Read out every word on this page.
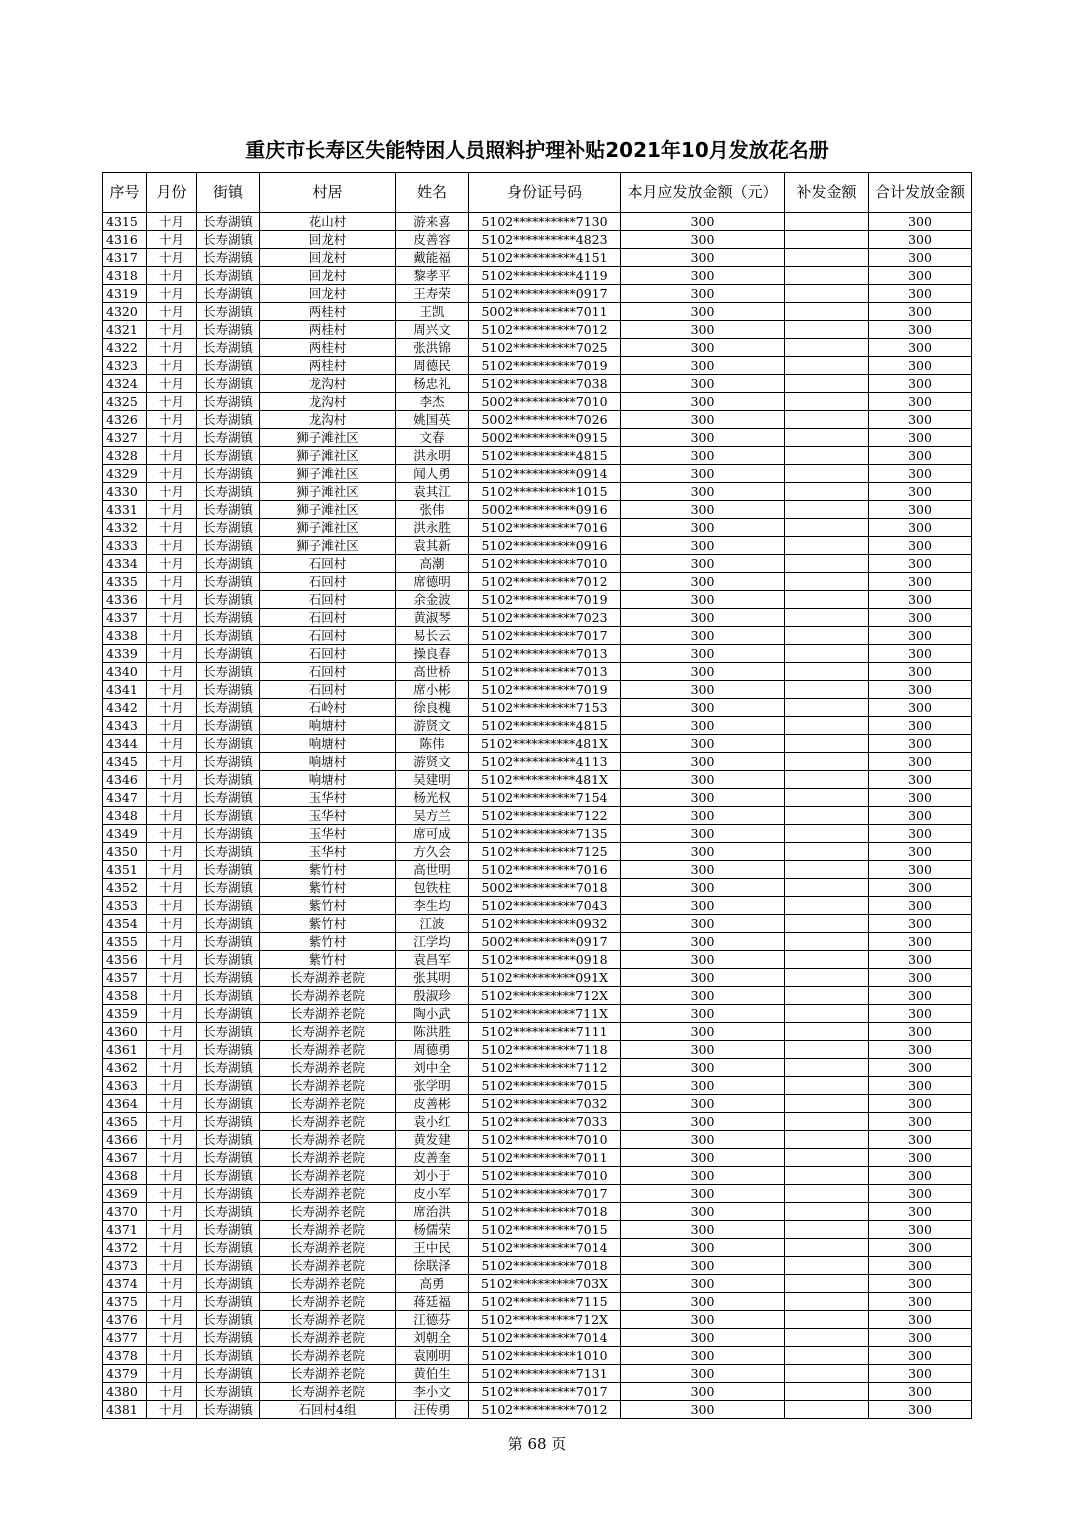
重庆市长寿区失能特困人员照料护理补贴2021年10月发放花名册
序号	月份	街镇	村居	姓名	身份证号码	本月应发放金额（元）	补发金额	合计发放金额
4315	十月	长寿湖镇	花山村	游来喜	5102**********7130	300		300
4316	十月	长寿湖镇	回龙村	皮善容	5102**********4823	300		300
4317	十月	长寿湖镇	回龙村	戴能福	5102**********4151	300		300
4318	十月	长寿湖镇	回龙村	黎孝平	5102**********4119	300		300
4319	十月	长寿湖镇	回龙村	王寿荣	5102**********0917	300		300
4320	十月	长寿湖镇	两桂村	王凯	5002**********7011	300		300
4321	十月	长寿湖镇	两桂村	周兴文	5102**********7012	300		300
4322	十月	长寿湖镇	两桂村	张洪锦	5102**********7025	300		300
4323	十月	长寿湖镇	两桂村	周德民	5102**********7019	300		300
4324	十月	长寿湖镇	龙沟村	杨忠礼	5102**********7038	300		300
4325	十月	长寿湖镇	龙沟村	李杰	5002**********7010	300		300
4326	十月	长寿湖镇	龙沟村	姚国英	5002**********7026	300		300
4327	十月	长寿湖镇	狮子滩社区	文春	5002**********0915	300		300
4328	十月	长寿湖镇	狮子滩社区	洪永明	5102**********4815	300		300
4329	十月	长寿湖镇	狮子滩社区	闻人勇	5102**********0914	300		300
4330	十月	长寿湖镇	狮子滩社区	袁其江	5102**********1015	300		300
4331	十月	长寿湖镇	狮子滩社区	张伟	5002**********0916	300		300
4332	十月	长寿湖镇	狮子滩社区	洪永胜	5102**********7016	300		300
4333	十月	长寿湖镇	狮子滩社区	袁其新	5102**********0916	300		300
4334	十月	长寿湖镇	石回村	高潮	5102**********7010	300		300
4335	十月	长寿湖镇	石回村	席德明	5102**********7012	300		300
4336	十月	长寿湖镇	石回村	余金波	5102**********7019	300		300
4337	十月	长寿湖镇	石回村	黄淑琴	5102**********7023	300		300
4338	十月	长寿湖镇	石回村	易长云	5102**********7017	300		300
4339	十月	长寿湖镇	石回村	操良春	5102**********7013	300		300
4340	十月	长寿湖镇	石回村	高世桥	5102**********7013	300		300
4341	十月	长寿湖镇	石回村	席小彬	5102**********7019	300		300
4342	十月	长寿湖镇	石岭村	徐良槐	5102**********7153	300		300
4343	十月	长寿湖镇	响塘村	游贤文	5102**********4815	300		300
4344	十月	长寿湖镇	响塘村	陈伟	5102**********481X	300		300
4345	十月	长寿湖镇	响塘村	游贤文	5102**********4113	300		300
4346	十月	长寿湖镇	响塘村	吴建明	5102**********481X	300		300
4347	十月	长寿湖镇	玉华村	杨光权	5102**********7154	300		300
4348	十月	长寿湖镇	玉华村	吴方兰	5102**********7122	300		300
4349	十月	长寿湖镇	玉华村	席可成	5102**********7135	300		300
4350	十月	长寿湖镇	玉华村	方久会	5102**********7125	300		300
4351	十月	长寿湖镇	紫竹村	高世明	5102**********7016	300		300
4352	十月	长寿湖镇	紫竹村	包铁柱	5002**********7018	300		300
4353	十月	长寿湖镇	紫竹村	李生均	5102**********7043	300		300
4354	十月	长寿湖镇	紫竹村	江波	5102**********0932	300		300
4355	十月	长寿湖镇	紫竹村	江学均	5002**********0917	300		300
4356	十月	长寿湖镇	紫竹村	袁昌军	5102**********0918	300		300
4357	十月	长寿湖镇	长寿湖养老院	张其明	5102**********091X	300		300
4358	十月	长寿湖镇	长寿湖养老院	殷淑珍	5102**********712X	300		300
4359	十月	长寿湖镇	长寿湖养老院	陶小武	5102**********711X	300		300
4360	十月	长寿湖镇	长寿湖养老院	陈洪胜	5102**********7111	300		300
4361	十月	长寿湖镇	长寿湖养老院	周德勇	5102**********7118	300		300
4362	十月	长寿湖镇	长寿湖养老院	刘中全	5102**********7112	300		300
4363	十月	长寿湖镇	长寿湖养老院	张学明	5102**********7015	300		300
4364	十月	长寿湖镇	长寿湖养老院	皮善彬	5102**********7032	300		300
4365	十月	长寿湖镇	长寿湖养老院	袁小红	5102**********7033	300		300
4366	十月	长寿湖镇	长寿湖养老院	黄发建	5102**********7010	300		300
4367	十月	长寿湖镇	长寿湖养老院	皮善奎	5102**********7011	300		300
4368	十月	长寿湖镇	长寿湖养老院	刘小于	5102**********7010	300		300
4369	十月	长寿湖镇	长寿湖养老院	皮小军	5102**********7017	300		300
4370	十月	长寿湖镇	长寿湖养老院	席治洪	5102**********7018	300		300
4371	十月	长寿湖镇	长寿湖养老院	杨儒荣	5102**********7015	300		300
4372	十月	长寿湖镇	长寿湖养老院	王中民	5102**********7014	300		300
4373	十月	长寿湖镇	长寿湖养老院	徐联泽	5102**********7018	300		300
4374	十月	长寿湖镇	长寿湖养老院	高勇	5102**********703X	300		300
4375	十月	长寿湖镇	长寿湖养老院	蒋廷福	5102**********7115	300		300
4376	十月	长寿湖镇	长寿湖养老院	江德芬	5102**********712X	300		300
4377	十月	长寿湖镇	长寿湖养老院	刘朝全	5102**********7014	300		300
4378	十月	长寿湖镇	长寿湖养老院	袁刚明	5102**********1010	300		300
4379	十月	长寿湖镇	长寿湖养老院	黄伯生	5102**********7131	300		300
4380	十月	长寿湖镇	长寿湖养老院	李小文	5102**********7017	300		300
4381	十月	长寿湖镇	石回村4组	汪传勇	5102**********7012	300		300
第 68 页
